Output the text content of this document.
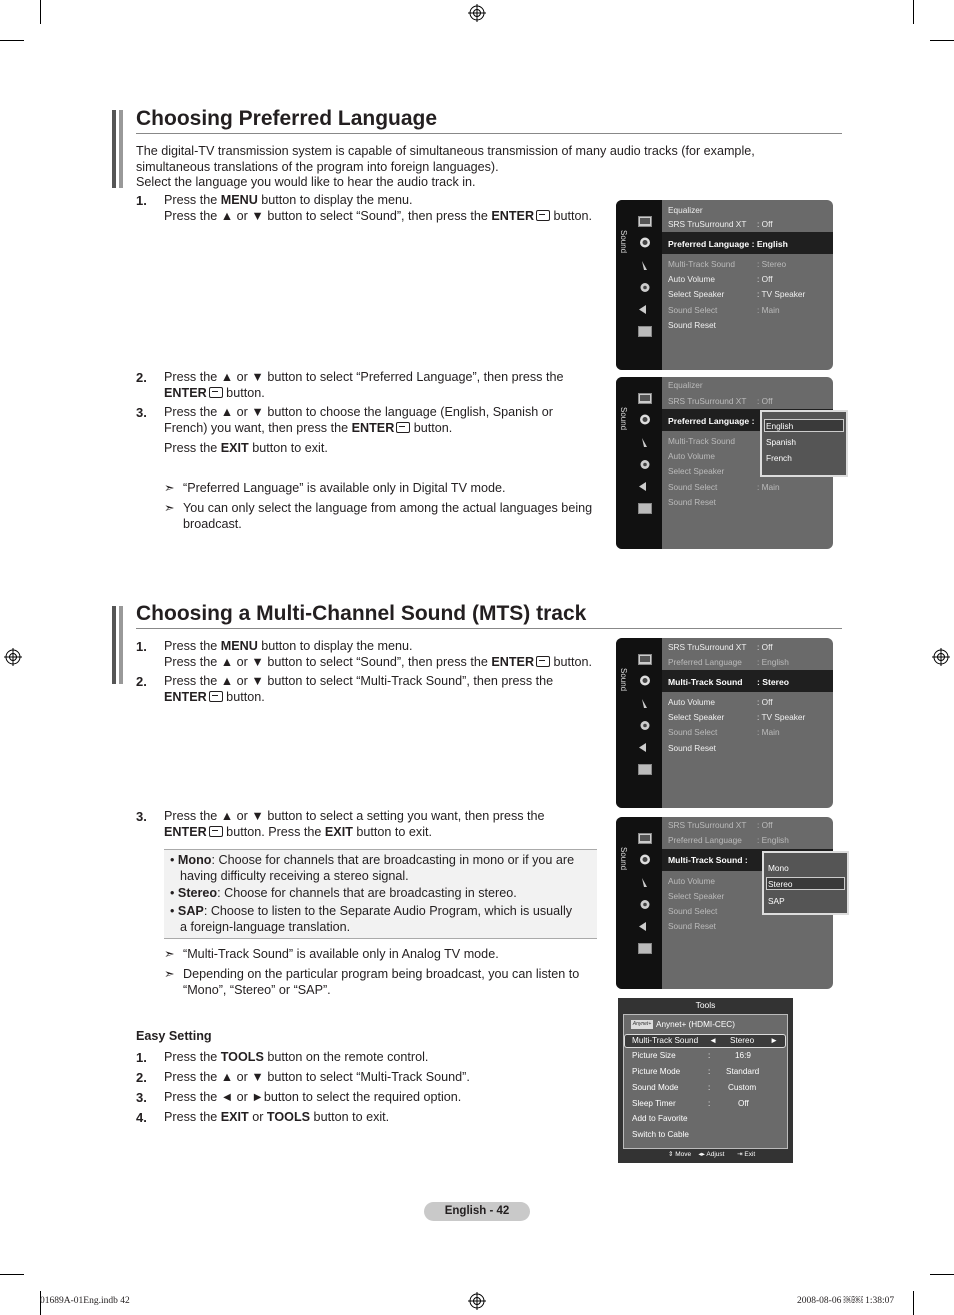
Choosing Preferred Language
The digital-TV transmission system is capable of simultaneous transmission of many audio tracks (for example,
simultaneous translations of the program into foreign languages).
Select the language you would like to hear the audio track in.
1. Press the MENU button to display the menu.
Press the ▲ or ▼ button to select “Sound”, then press the ENTER button.
2. Press the ▲ or ▼ button to select “Preferred Language”, then press the
ENTER button.
3. Press the ▲ or ▼ button to choose the language (English, Spanish or
French) you want, then press the ENTER button.
Press the EXIT button to exit.
➣ “Preferred Language” is available only in Digital TV mode.
➣ You can only select the language from among the actual languages being
broadcast.
Sound
Equalizer
SRS TruSurround XT : Off
Preferred Language : English
Multi-Track Sound	: Stereo
Auto Volume	: Off
Select Speaker	: TV Speaker
Sound Select	: Main
Sound Reset
Sound
Equalizer
SRS TruSurround XT : Off
Preferred Language :
Multi-Track Sound
Auto Volume
Select Speaker
Sound Select	: Main
Sound Reset
English
Spanish
French
Choosing a Multi-Channel Sound (MTS) track
1. Press the MENU button to display the menu.
Press the ▲ or ▼ button to select “Sound”, then press the ENTER button.
2. Press the ▲ or ▼ button to select “Multi-Track Sound”, then press the
ENTER button.
3. Press the ▲ or ▼ button to select a setting you want, then press the
ENTER button. Press the EXIT button to exit.
• Mono: Choose for channels that are broadcasting in mono or if you are
having difficulty receiving a stereo signal.
• Stereo: Choose for channels that are broadcasting in stereo.
• SAP: Choose to listen to the Separate Audio Program, which is usually
a foreign-language translation.
➣ “Multi-Track Sound” is available only in Analog TV mode.
➣ Depending on the particular program being broadcast, you can listen to
“Mono”, “Stereo” or “SAP”.
Easy Setting
1. Press the TOOLS button on the remote control.
2. Press the ▲ or ▼ button to select “Multi-Track Sound”.
3. Press the ◄ or ►button to select the required option.
4. Press the EXIT or TOOLS button to exit.
Sound
SRS TruSurround XT : Off
Preferred Language : English
Multi-Track Sound : Stereo
Auto Volume	: Off
Select Speaker	: TV Speaker
Sound Select	: Main
Sound Reset
Sound
SRS TruSurround XT : Off
Preferred Language : English
Multi-Track Sound :
Auto Volume
Select Speaker
Sound Select
Sound Reset
Mono
Stereo
SAP
Tools
Anynet+ Anynet+ (HDMI-CEC)
Multi-Track Sound ◄ Stereo ►
Picture Size	:	16:9
Picture Mode	: Standard
Sound Mode	: Custom
Sleep Timer	:	Off
Add to Favorite
Switch to Cable
⇕ Move ◂▸ Adjust ⇥ Exit
English - 42
01689A-01Eng.indb 42	2008-08-06 ￼￼ 1:38:07
